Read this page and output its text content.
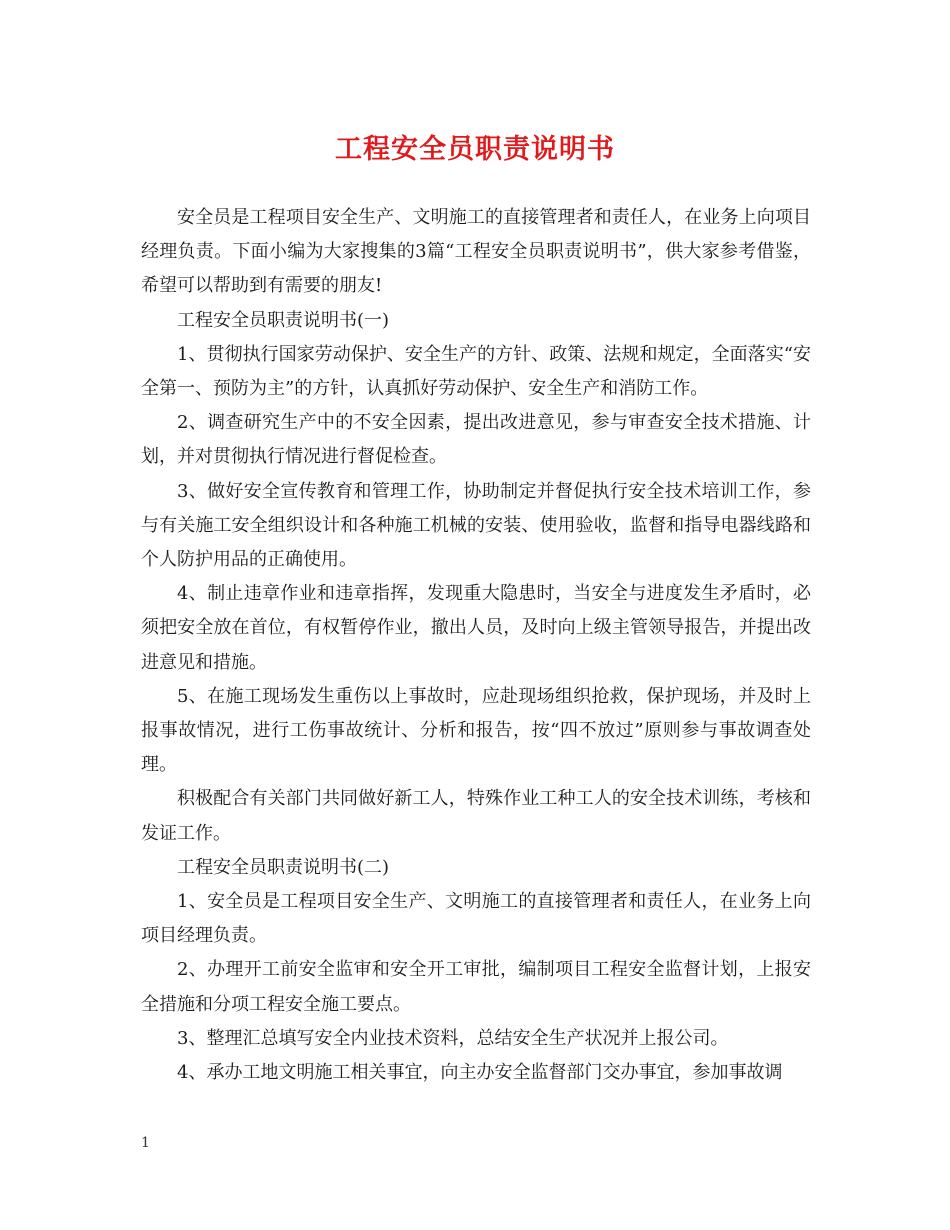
工程安全员职责说明书

安全员是工程项目安全生产、文明施工的直接管理者和责任人，在业务上向项目经理负责。下面小编为大家搜集的3篇“工程安全员职责说明书”，供大家参考借鉴，希望可以帮助到有需要的朋友!

工程安全员职责说明书(一)

1、贯彻执行国家劳动保护、安全生产的方针、政策、法规和规定，全面落实“安全第一、预防为主”的方针，认真抓好劳动保护、安全生产和消防工作。

2、调查研究生产中的不安全因素，提出改进意见，参与审查安全技术措施、计划，并对贯彻执行情况进行督促检查。

3、做好安全宣传教育和管理工作，协助制定并督促执行安全技术培训工作，参与有关施工安全组织设计和各种施工机械的安装、使用验收，监督和指导电器线路和个人防护用品的正确使用。

4、制止违章作业和违章指挥，发现重大隐患时，当安全与进度发生矛盾时，必须把安全放在首位，有权暂停作业，撤出人员，及时向上级主管领导报告，并提出改进意见和措施。

5、在施工现场发生重伤以上事故时，应赴现场组织抢救，保护现场，并及时上报事故情况，进行工伤事故统计、分析和报告，按“四不放过”原则参与事故调查处理。

积极配合有关部门共同做好新工人，特殊作业工种工人的安全技术训练，考核和发证工作。

工程安全员职责说明书(二)

1、安全员是工程项目安全生产、文明施工的直接管理者和责任人，在业务上向项目经理负责。

2、办理开工前安全监审和安全开工审批，编制项目工程安全监督计划，上报安全措施和分项工程安全施工要点。

3、整理汇总填写安全内业技术资料，总结安全生产状况并上报公司。

4、承办工地文明施工相关事宜，向主办安全监督部门交办事宜，参加事故调

1
